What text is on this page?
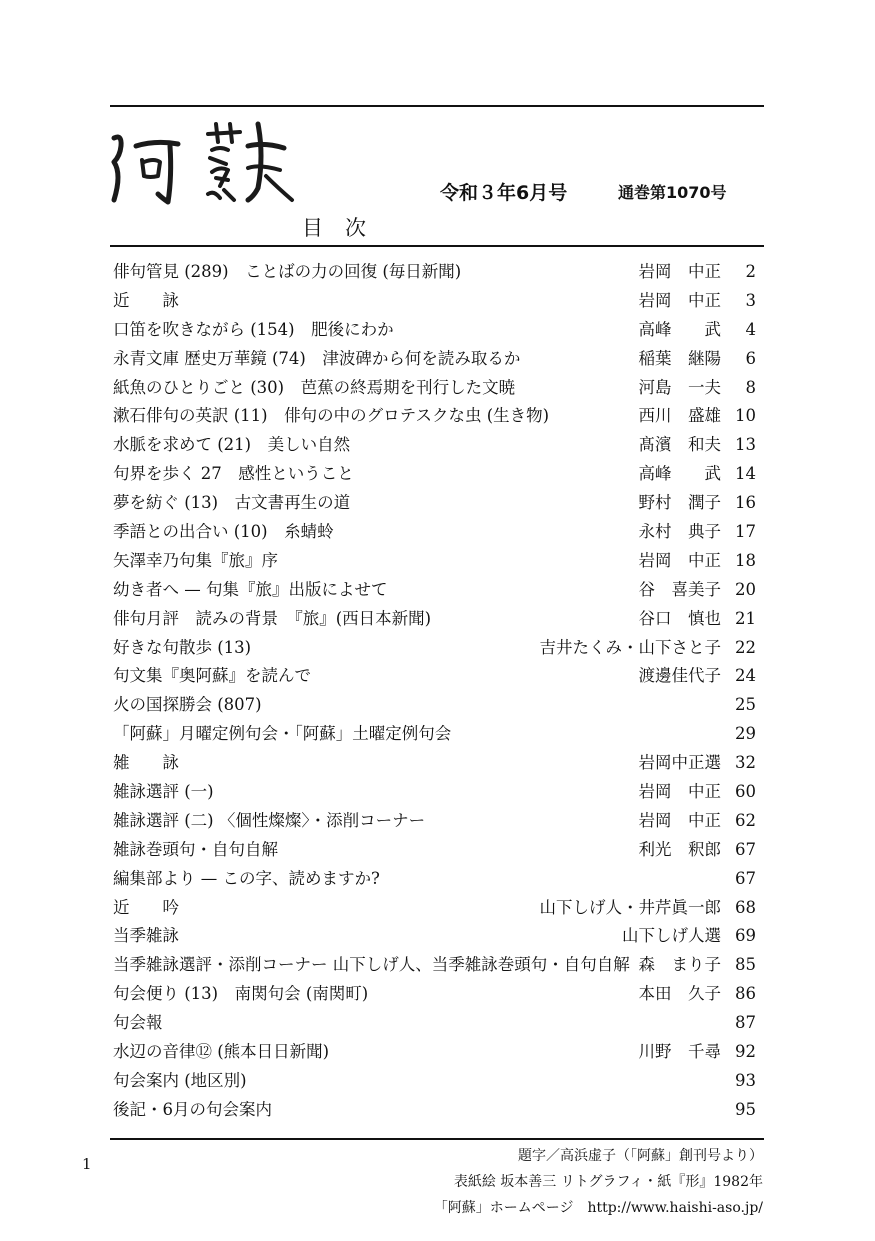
令和３年6月号	通巻第1070号
目次
俳句管見 (289)　ことばの力の回復 (毎日新聞)	岩岡　中正	2
近　　詠	岩岡　中正	3
口笛を吹きながら (154)　肥後にわか	高峰　　武	4
永青文庫 歴史万華鏡 (74)　津波碑から何を読み取るか	稲葉　継陽	6
紙魚のひとりごと (30)　芭蕉の終焉期を刊行した文暁	河島　一夫	8
漱石俳句の英訳 (11)　俳句の中のグロテスクな虫 (生き物)	西川　盛雄 10
水脈を求めて (21)　美しい自然	髙濱　和夫 13
句界を歩く 27　感性ということ	高峰　　武 14
夢を紡ぐ (13)　古文書再生の道	野村　潤子 16
季語との出合い (10)　糸蜻蛉	永村　典子 17
矢澤幸乃句集『旅』序	岩岡　中正 18
幼き者へ — 句集『旅』出版によせて	谷　喜美子 20
俳句月評　読みの背景　『旅』(西日本新聞)	谷口　慎也 21
好きな句散歩 (13)	吉井たくみ・山下さと子 22
句文集『奥阿蘇』を読んで	渡邊佳代子 24
火の国探勝会 (807)	25
「阿蘇」月曜定例句会・「阿蘇」土曜定例句会	29
雑　　詠	岩岡中正選 32
雑詠選評 (一)	岩岡　中正 60
雑詠選評 (二) 〈個性燦燦〉・添削コーナー	岩岡　中正 62
雑詠巻頭句・自句自解	利光　釈郎 67
編集部より — この字、読めますか?	67
近　　吟	山下しげ人・井芹眞一郎 68
当季雑詠	山下しげ人選 69
当季雑詠選評・添削コーナー 山下しげ人、当季雑詠巻頭句・自句自解 森　まり子 85
句会便り (13)　南関句会 (南関町)	本田　久子 86
句会報	87
水辺の音律⑫ (熊本日日新聞)	川野　千尋 92
句会案内 (地区別)	93
後記・6月の句会案内	95
1	題字／高浜虚子（「阿蘇」創刊号より）
表紙絵 坂本善三 リトグラフィ・紙『形』1982年
「阿蘇」ホームページ　http://www.haishi-aso.jp/
